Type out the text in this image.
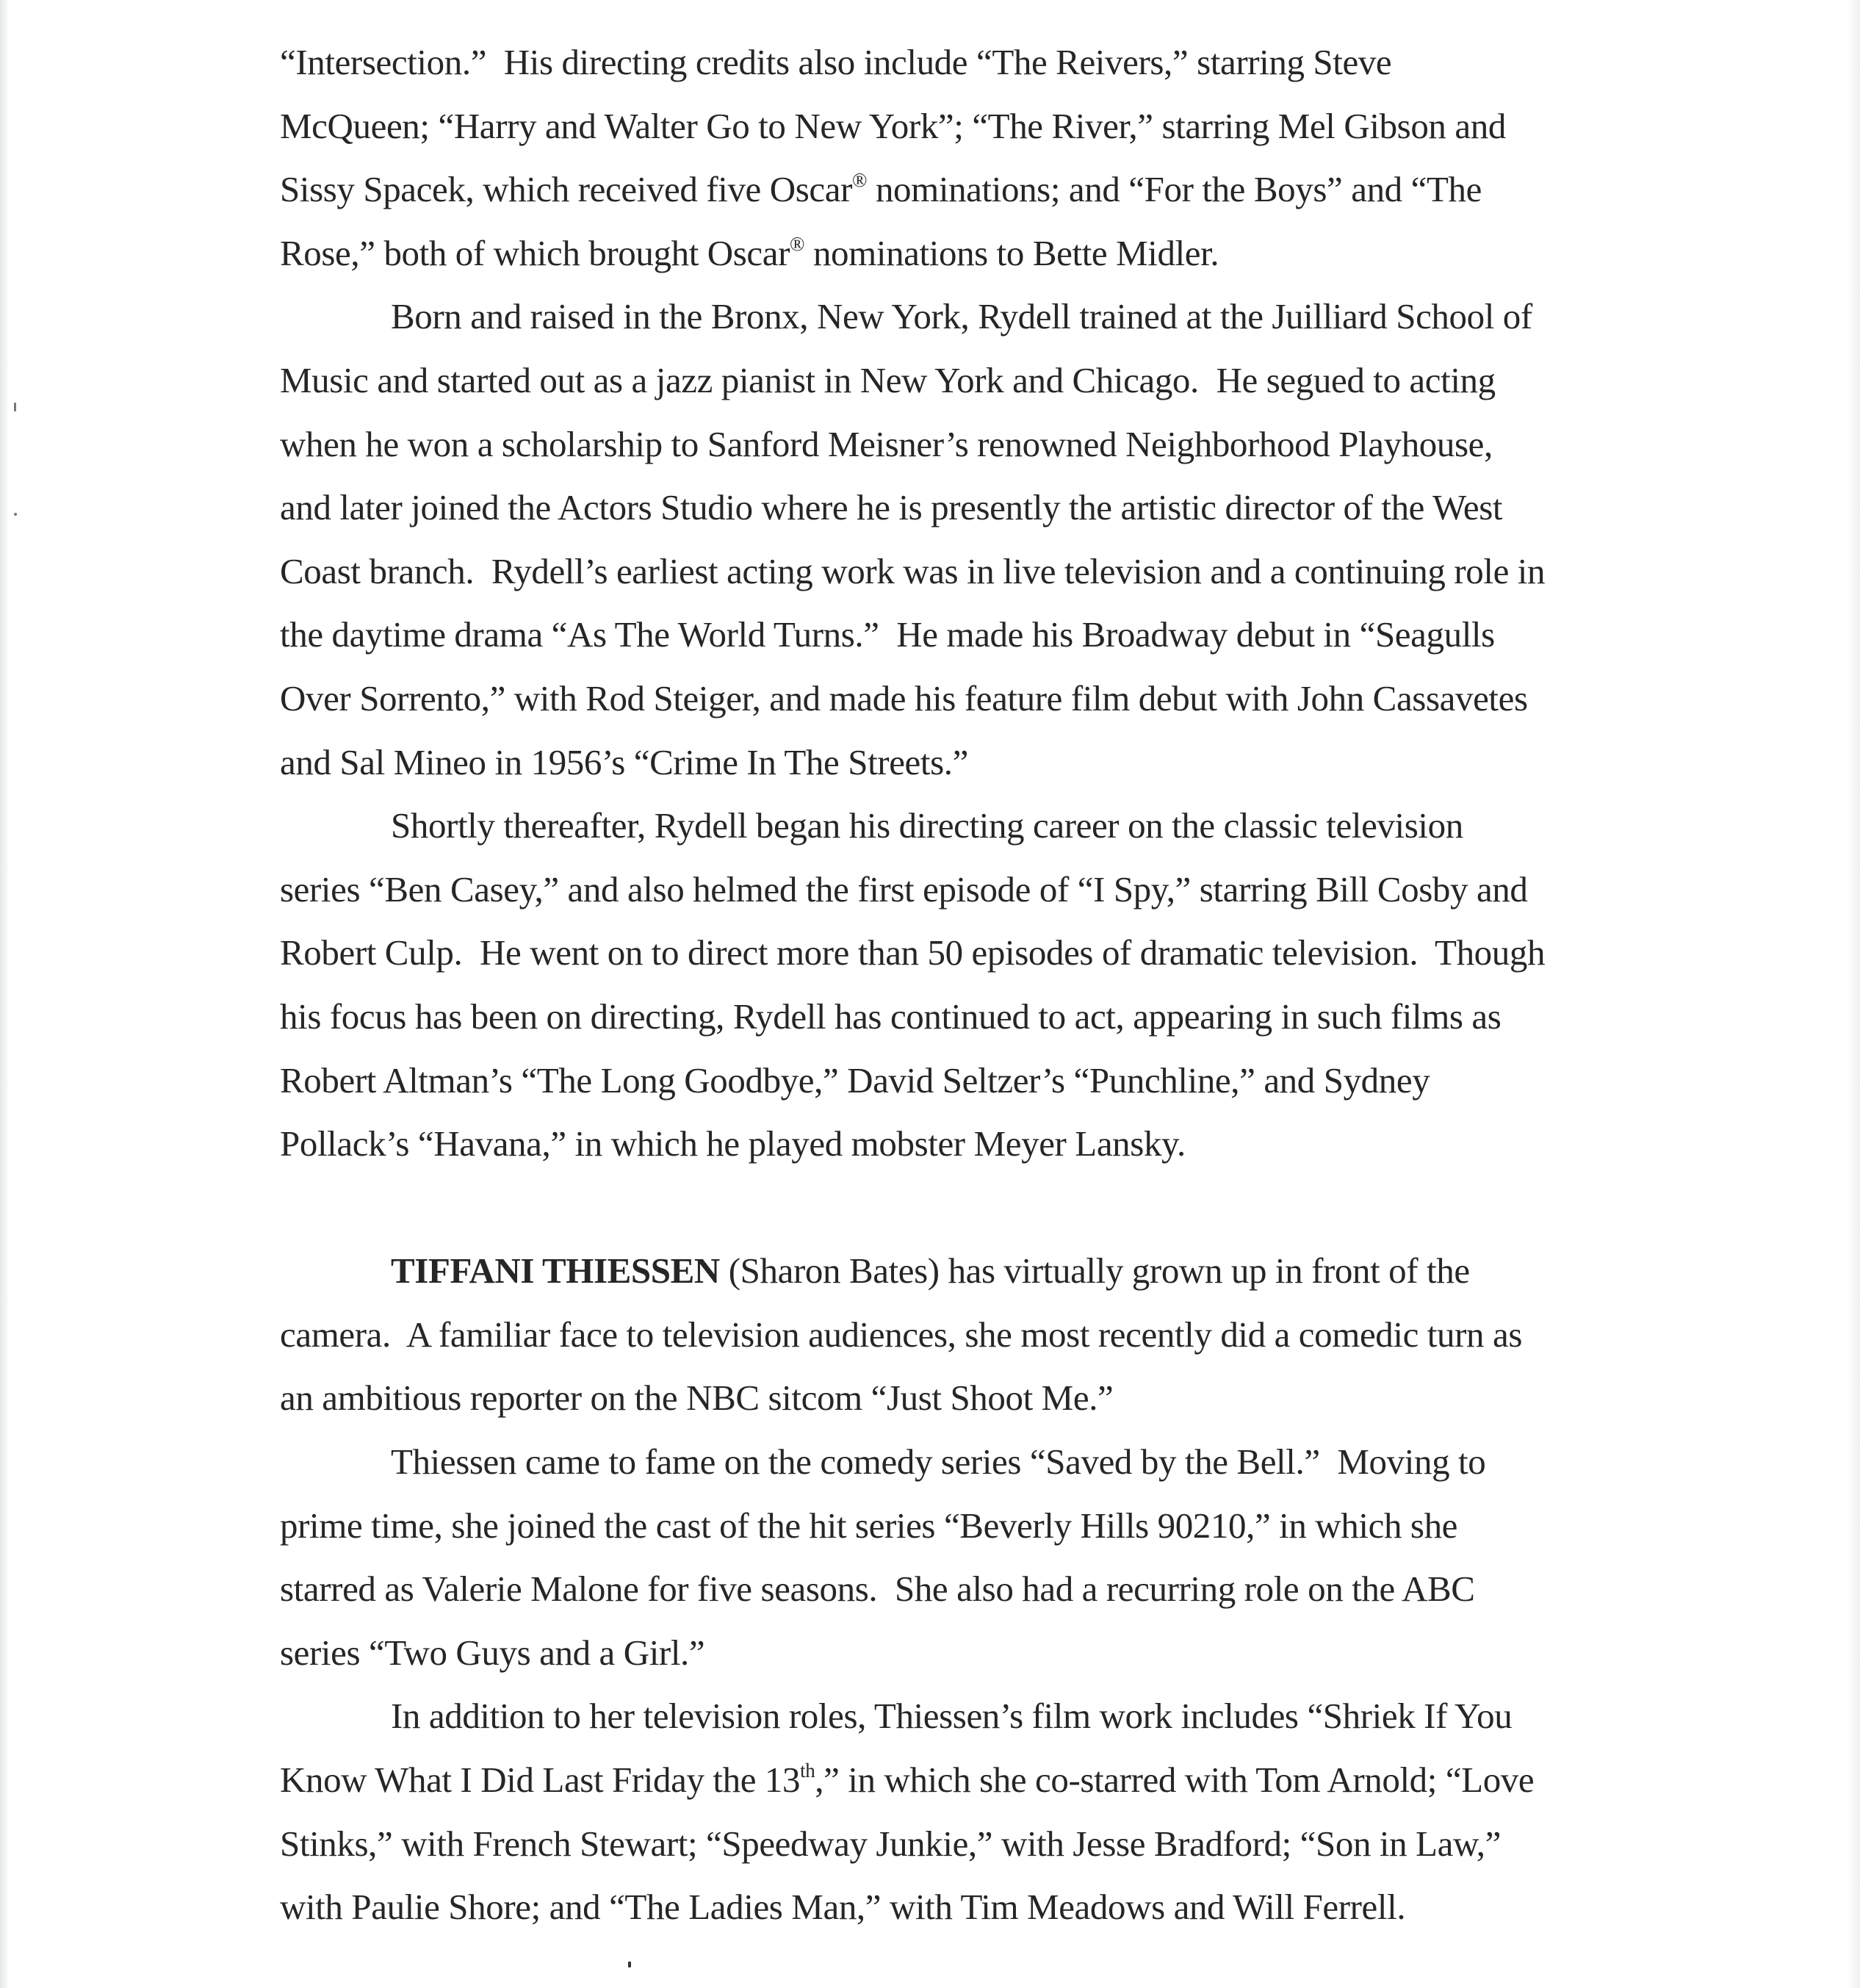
“Intersection.”  His directing credits also include “The Reivers,” starring Steve
McQueen; “Harry and Walter Go to New York”; “The River,” starring Mel Gibson and
Sissy Spacek, which received five Oscar® nominations; and “For the Boys” and “The
Rose,” both of which brought Oscar® nominations to Bette Midler.
Born and raised in the Bronx, New York, Rydell trained at the Juilliard School of
Music and started out as a jazz pianist in New York and Chicago.  He segued to acting
when he won a scholarship to Sanford Meisner’s renowned Neighborhood Playhouse,
and later joined the Actors Studio where he is presently the artistic director of the West
Coast branch.  Rydell’s earliest acting work was in live television and a continuing role in
the daytime drama “As The World Turns.”  He made his Broadway debut in “Seagulls
Over Sorrento,” with Rod Steiger, and made his feature film debut with John Cassavetes
and Sal Mineo in 1956’s “Crime In The Streets.”
Shortly thereafter, Rydell began his directing career on the classic television
series “Ben Casey,” and also helmed the first episode of “I Spy,” starring Bill Cosby and
Robert Culp.  He went on to direct more than 50 episodes of dramatic television.  Though
his focus has been on directing, Rydell has continued to act, appearing in such films as
Robert Altman’s “The Long Goodbye,” David Seltzer’s “Punchline,” and Sydney
Pollack’s “Havana,” in which he played mobster Meyer Lansky.
TIFFANI THIESSEN (Sharon Bates) has virtually grown up in front of the
camera.  A familiar face to television audiences, she most recently did a comedic turn as
an ambitious reporter on the NBC sitcom “Just Shoot Me.”
Thiessen came to fame on the comedy series “Saved by the Bell.”  Moving to
prime time, she joined the cast of the hit series “Beverly Hills 90210,” in which she
starred as Valerie Malone for five seasons.  She also had a recurring role on the ABC
series “Two Guys and a Girl.”
In addition to her television roles, Thiessen’s film work includes “Shriek If You
Know What I Did Last Friday the 13th,” in which she co-starred with Tom Arnold; “Love
Stinks,” with French Stewart; “Speedway Junkie,” with Jesse Bradford; “Son in Law,”
with Paulie Shore; and “The Ladies Man,” with Tim Meadows and Will Ferrell.
